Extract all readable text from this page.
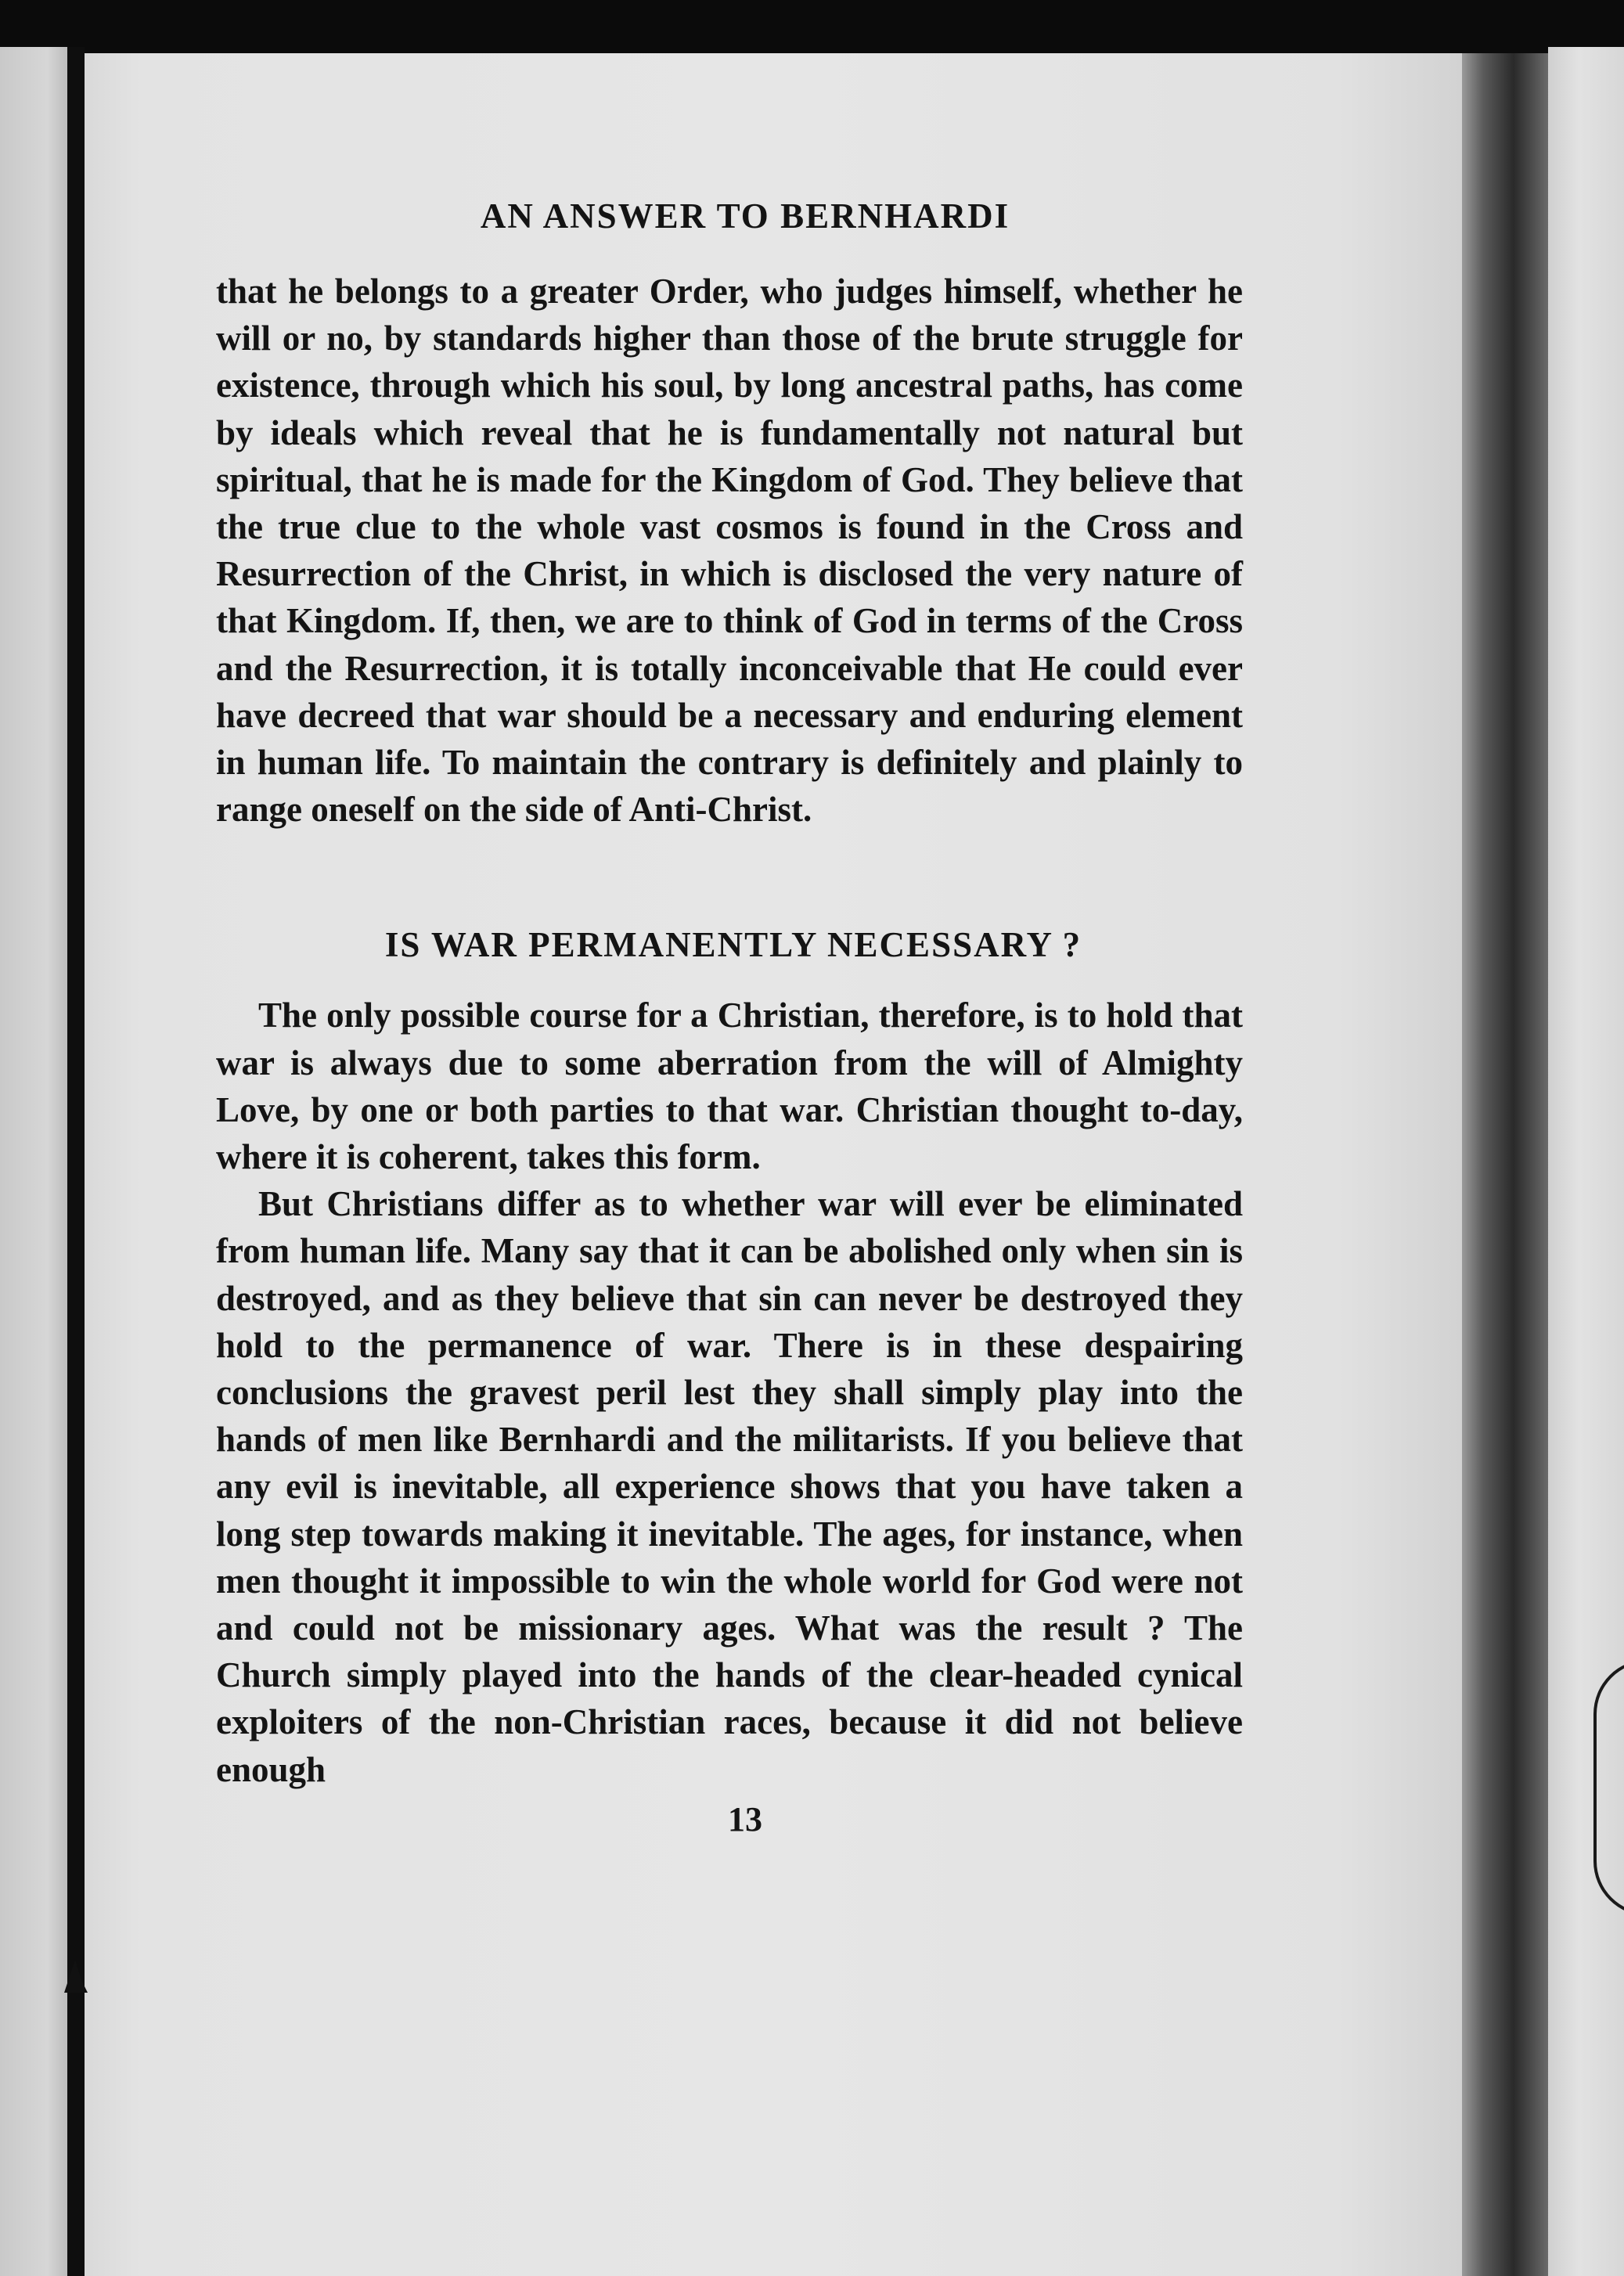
AN ANSWER TO BERNHARDI

that he belongs to a greater Order, who judges himself, whether he will or no, by standards higher than those of the brute struggle for existence, through which his soul, by long ancestral paths, has come by ideals which reveal that he is fundamentally not natural but spiritual, that he is made for the Kingdom of God. They believe that the true clue to the whole vast cosmos is found in the Cross and Resurrection of the Christ, in which is disclosed the very nature of that Kingdom. If, then, we are to think of God in terms of the Cross and the Resurrection, it is totally inconceivable that He could ever have decreed that war should be a necessary and enduring element in human life. To maintain the contrary is definitely and plainly to range oneself on the side of Anti-Christ.

IS WAR PERMANENTLY NECESSARY ?

The only possible course for a Christian, therefore, is to hold that war is always due to some aberration from the will of Almighty Love, by one or both parties to that war. Christian thought to-day, where it is coherent, takes this form.

But Christians differ as to whether war will ever be eliminated from human life. Many say that it can be abolished only when sin is destroyed, and as they believe that sin can never be destroyed they hold to the permanence of war. There is in these despairing conclusions the gravest peril lest they shall simply play into the hands of men like Bernhardi and the militarists. If you believe that any evil is inevitable, all experience shows that you have taken a long step towards making it inevitable. The ages, for instance, when men thought it impossible to win the whole world for God were not and could not be missionary ages. What was the result ? The Church simply played into the hands of the clear-headed cynical exploiters of the non-Christian races, because it did not believe enough

13
